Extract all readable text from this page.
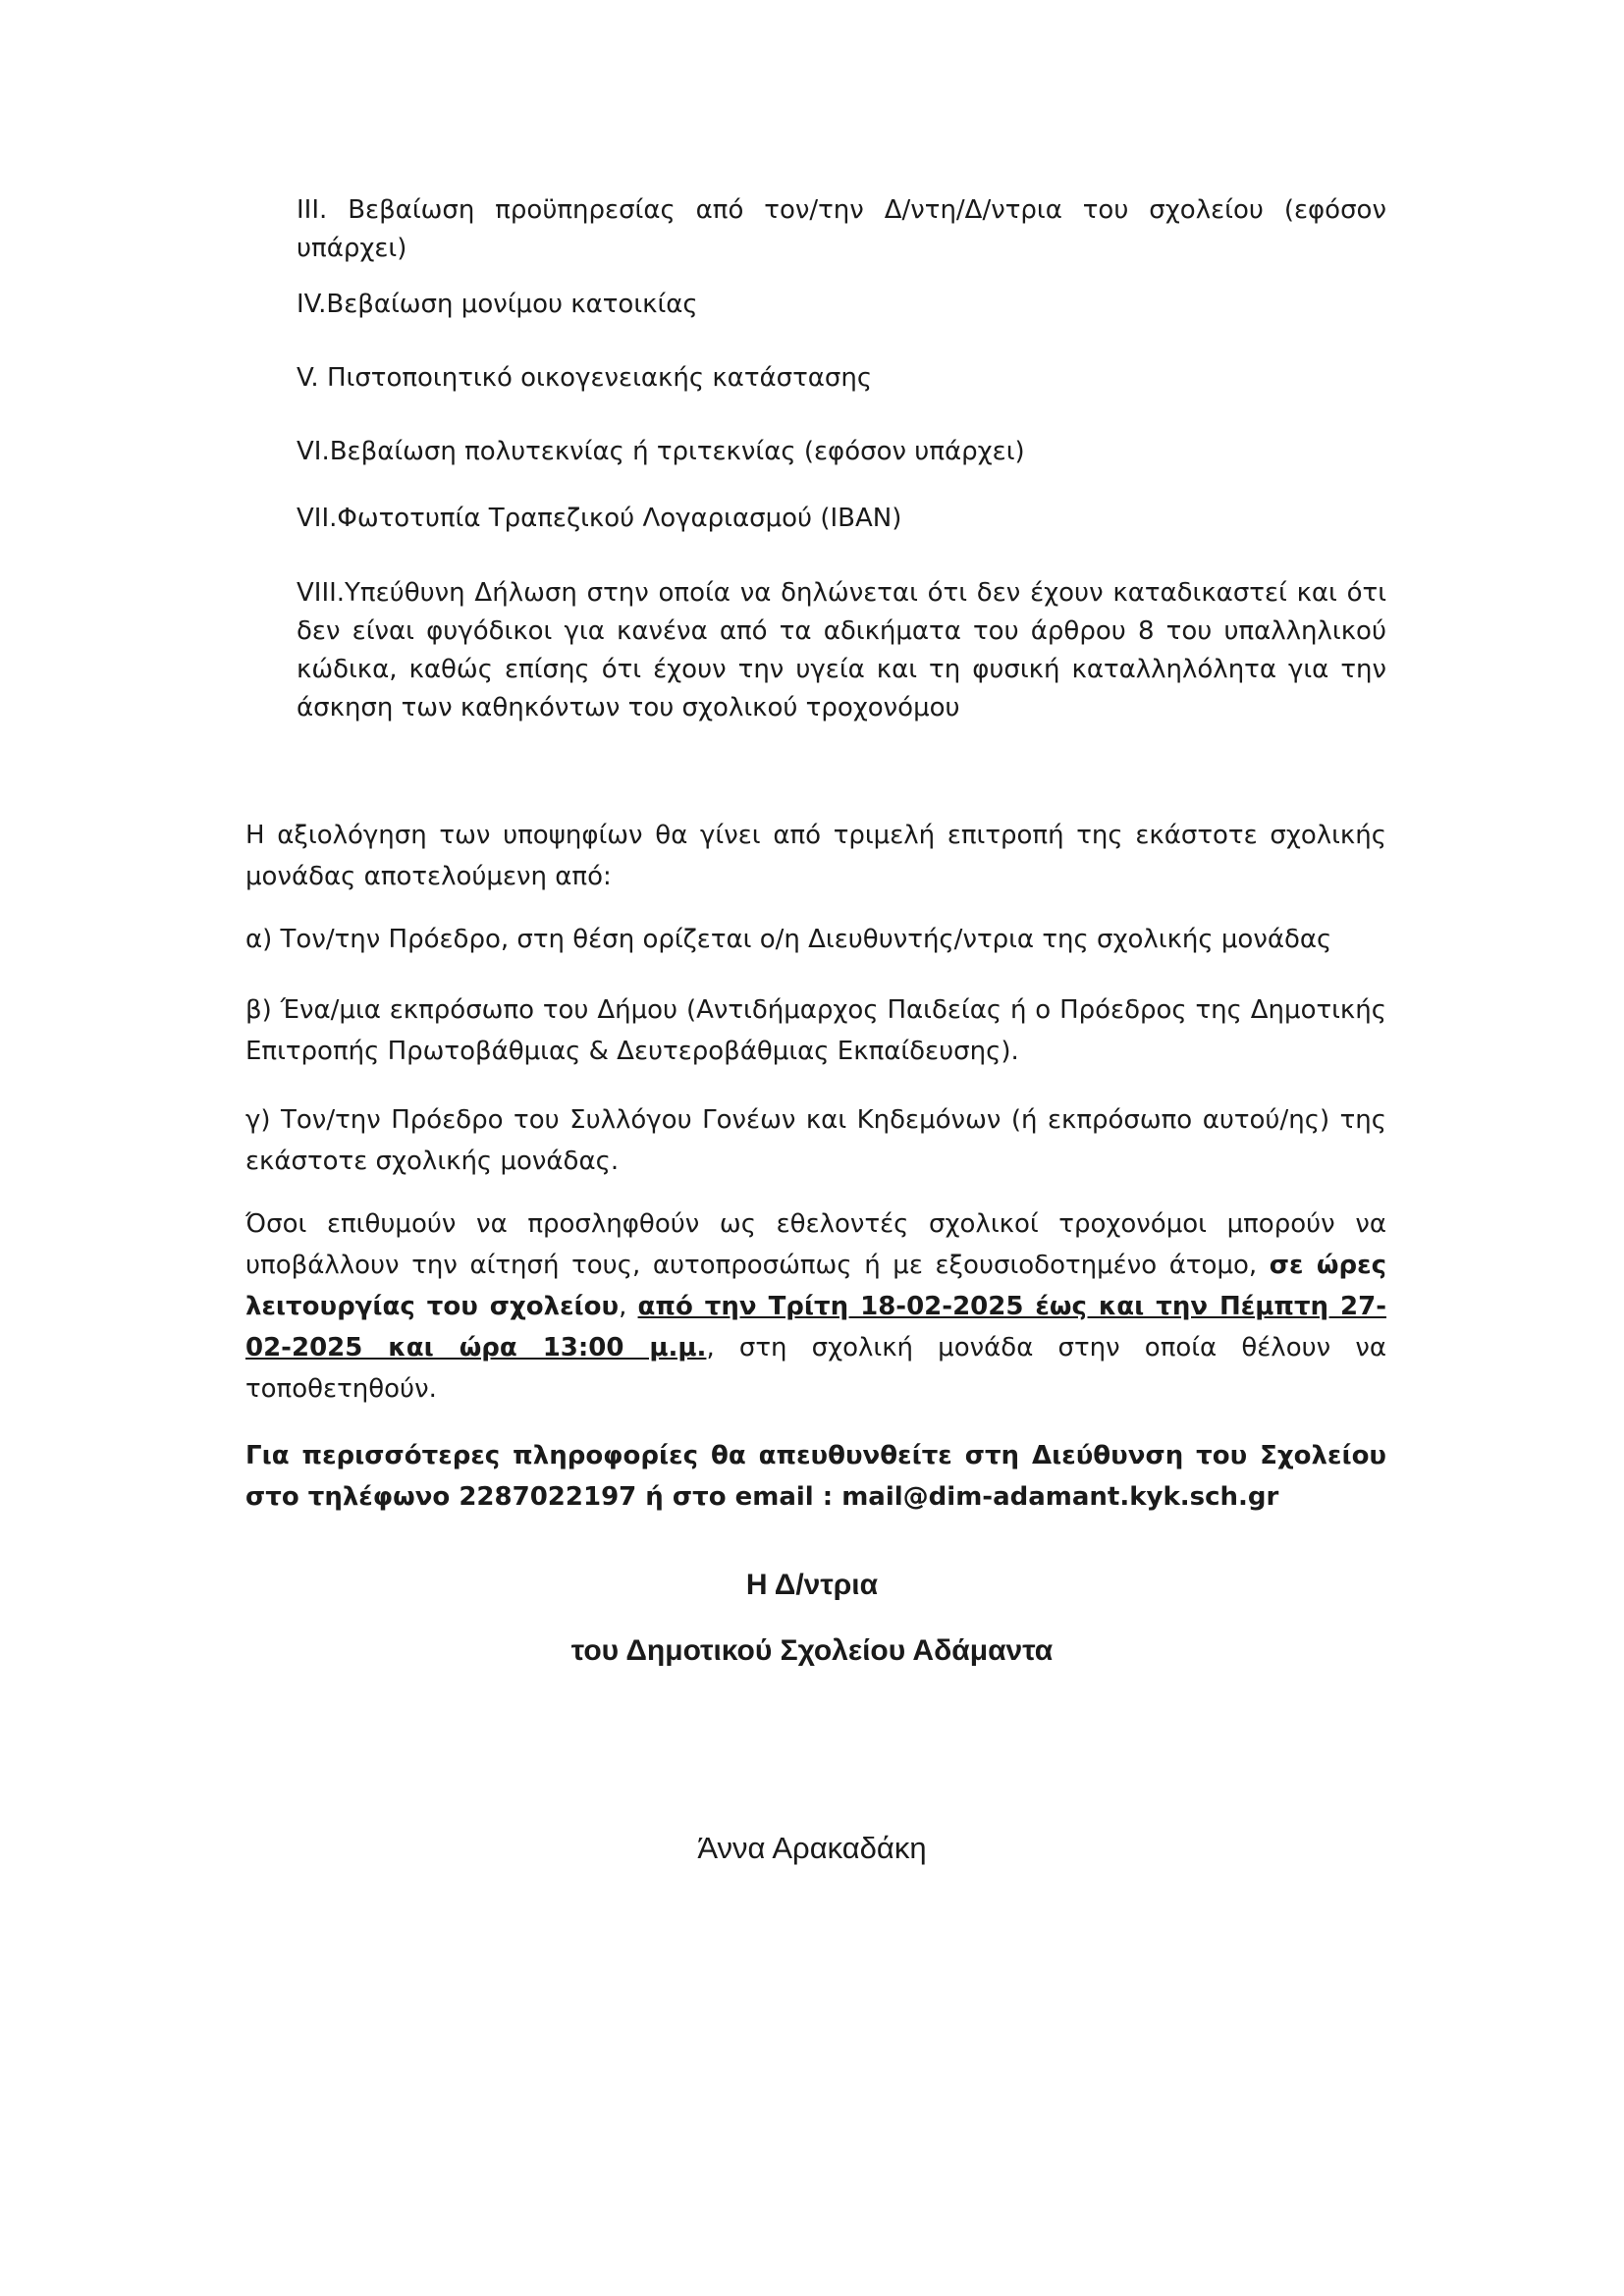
ΙΙΙ. Βεβαίωση προϋπηρεσίας από τον/την Δ/ντη/Δ/ντρια του σχολείου (εφόσον υπάρχει)
IV.Βεβαίωση μονίμου κατοικίας
V. Πιστοποιητικό οικογενειακής κατάστασης
VI.Βεβαίωση πολυτεκνίας ή τριτεκνίας (εφόσον υπάρχει)
VII.Φωτοτυπία Τραπεζικού Λογαριασμού (IBAN)
VIII.Υπεύθυνη Δήλωση στην οποία να δηλώνεται ότι δεν έχουν καταδικαστεί και ότι δεν είναι φυγόδικοι για κανένα από τα αδικήματα του άρθρου 8 του υπαλληλικού κώδικα, καθώς επίσης ότι έχουν την υγεία και τη φυσική καταλληλόλητα για την άσκηση των καθηκόντων του σχολικού τροχονόμου

Η αξιολόγηση των υποψηφίων θα γίνει από τριμελή επιτροπή της εκάστοτε σχολικής μονάδας αποτελούμενη από:

α) Τον/την Πρόεδρο, στη θέση ορίζεται ο/η Διευθυντής/ντρια της σχολικής μονάδας

β) Ένα/μια εκπρόσωπο του Δήμου (Αντιδήμαρχος Παιδείας ή ο Πρόεδρος της Δημοτικής Επιτροπής Πρωτοβάθμιας & Δευτεροβάθμιας Εκπαίδευσης).

γ) Τον/την Πρόεδρο του Συλλόγου Γονέων και Κηδεμόνων (ή εκπρόσωπο αυτού/ης) της εκάστοτε σχολικής μονάδας.

Όσοι επιθυμούν να προσληφθούν ως εθελοντές σχολικοί τροχονόμοι μπορούν να υποβάλλουν την αίτησή τους, αυτοπροσώπως ή με εξουσιοδοτημένο άτομο, σε ώρες λειτουργίας του σχολείου, από την Τρίτη 18-02-2025 έως και την Πέμπτη 27-02-2025 και ώρα 13:00 μ.μ., στη σχολική μονάδα στην οποία θέλουν να τοποθετηθούν.

Για περισσότερες πληροφορίες θα απευθυνθείτε στη Διεύθυνση του Σχολείου στο τηλέφωνο 2287022197 ή στο email : mail@dim-adamant.kyk.sch.gr

Η Δ/ντρια
του Δημοτικού Σχολείου Αδάμαντα
Άννα Αρακαδάκη
